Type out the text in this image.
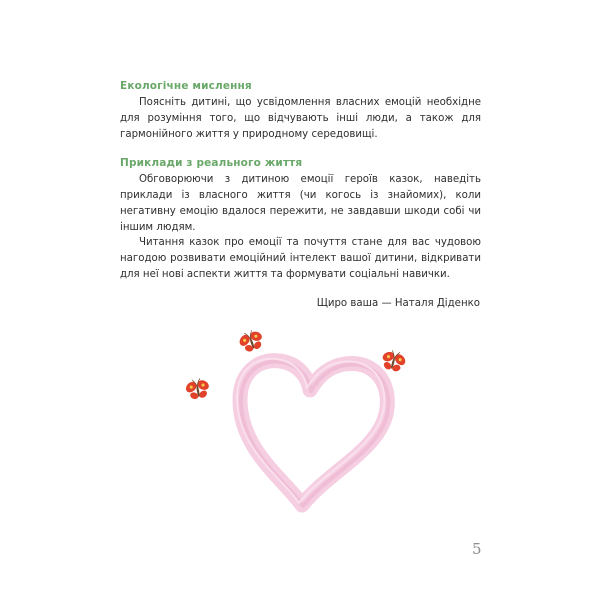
Екологічне мислення
Поясніть дитині, що усвідомлення власних емоцій необхідне для розуміння того, що відчувають інші люди, а також для гармонійного життя у природному середовищі.
Приклади з реального життя
Обговорюючи з дитиною емоції героїв казок, наведіть приклади із власного життя (чи когось із знайомих), коли негативну емоцію вдалося пережити, не завдавши шкоди собі чи іншим людям.
Читання казок про емоції та почуття стане для вас чудовою нагодою розвивати емоційний інтелект вашої дитини, відкривати для неї нові аспекти життя та формувати соціальні навички.
Щиро ваша — Наталя Діденко
5
